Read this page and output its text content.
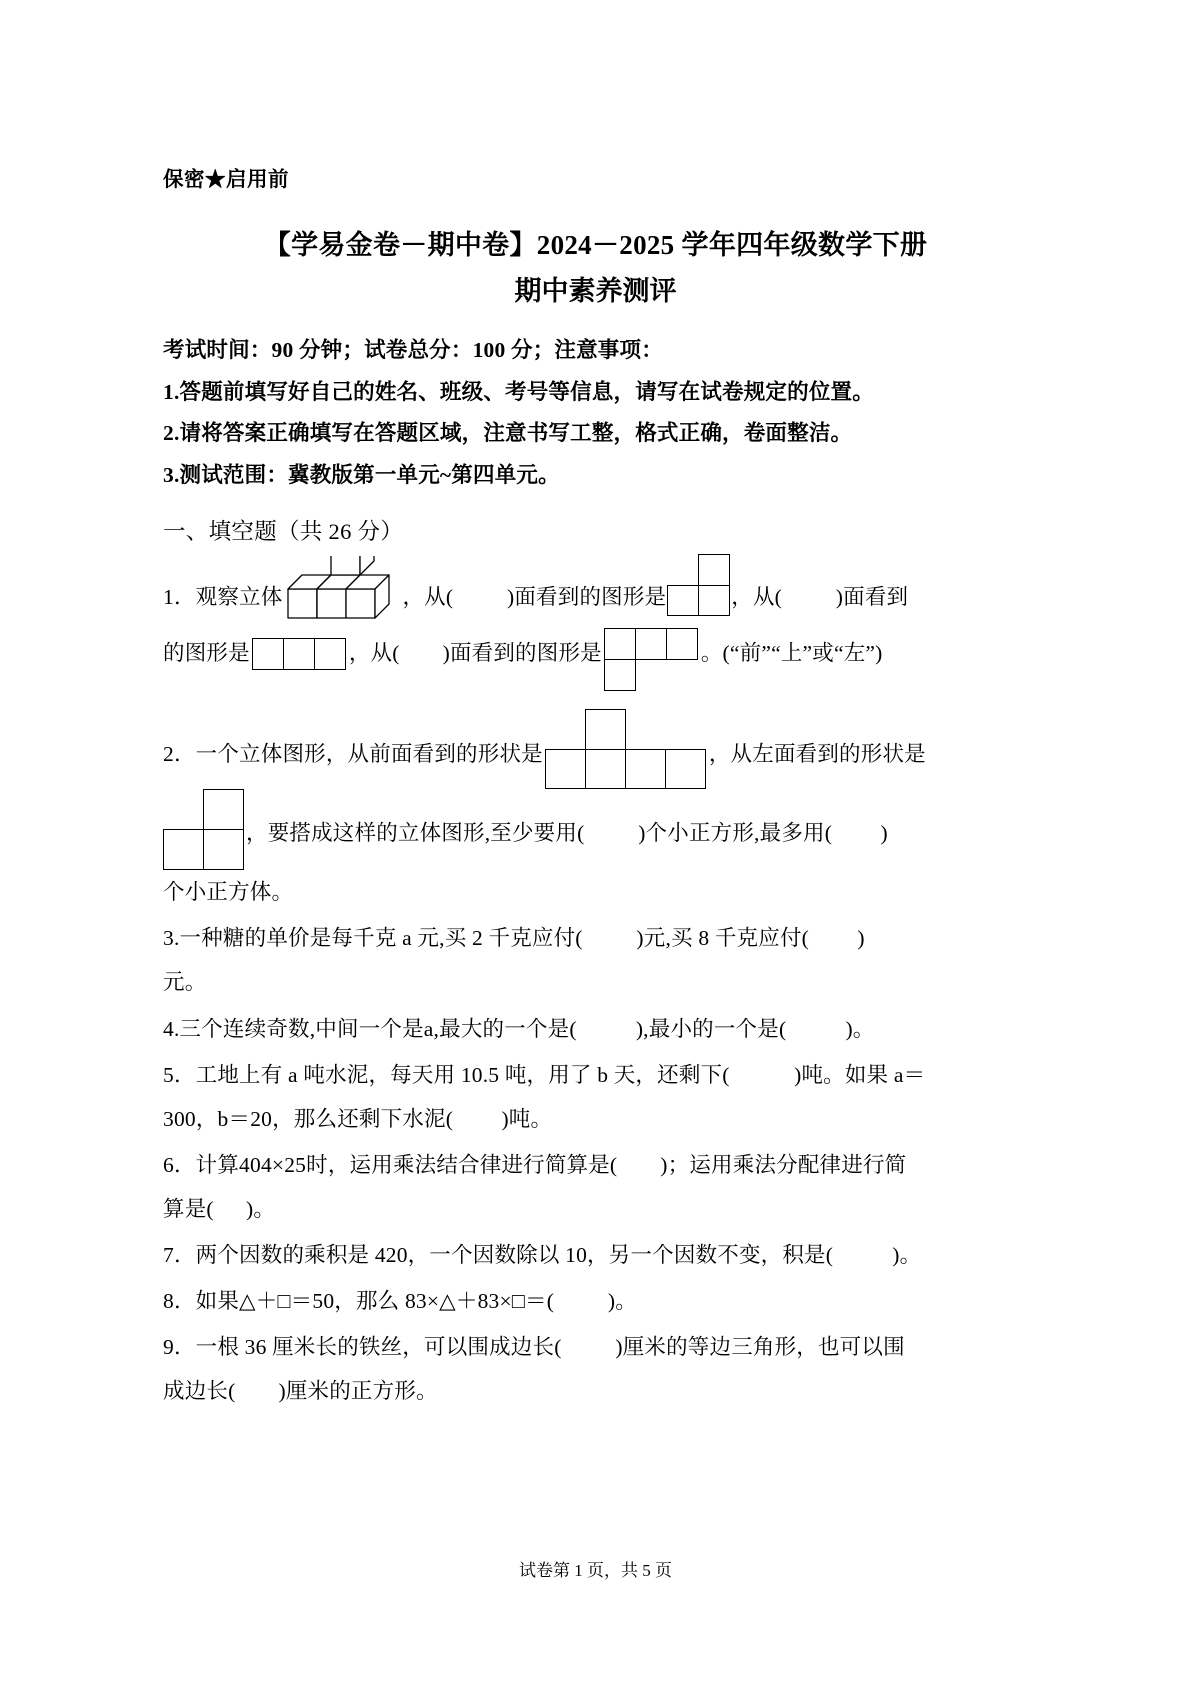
保密★启用前
【学易金卷－期中卷】2024－2025 学年四年级数学下册
期中素养测评
考试时间：90 分钟；试卷总分：100 分；注意事项：
1.答题前填写好自己的姓名、班级、考号等信息，请写在试卷规定的位置。
2.请将答案正确填写在答题区域，注意书写工整，格式正确，卷面整洁。
3.测试范围：冀教版第一单元~第四单元。
一、填空题（共 26 分）
1．观察立体	，从(	)面看到的图形是	，从(	)面看到
的图形是	，从( )面看到的图形是	。(“前”“上”或“左”)
2．一个立体图形，从前面看到的形状是	，从左面看到的形状是
，要搭成这样的立体图形,至少要用(	)个小正方形,最多用( )
个小正方体。
3.一种糖的单价是每千克 a 元,买 2 千克应付(	)元,买 8 千克应付( )
元。
4.三个连续奇数,中间一个是a,最大的一个是(	),最小的一个是(	)。
5．工地上有 a 吨水泥，每天用 10.5 吨，用了 b 天，还剩下(	)吨。如果 a＝
300，b＝20，那么还剩下水泥( )吨。
6．计算404×25时，运用乘法结合律进行简算是( )；运用乘法分配律进行简
算是( )。
7．两个因数的乘积是 420，一个因数除以 10，另一个因数不变，积是(	)。
8．如果△＋□＝50，那么 83×△＋83×□＝(	)。
9．一根 36 厘米长的铁丝，可以围成边长(	)厘米的等边三角形，也可以围
成边长( )厘米的正方形。
试卷第 1 页，共 5 页
